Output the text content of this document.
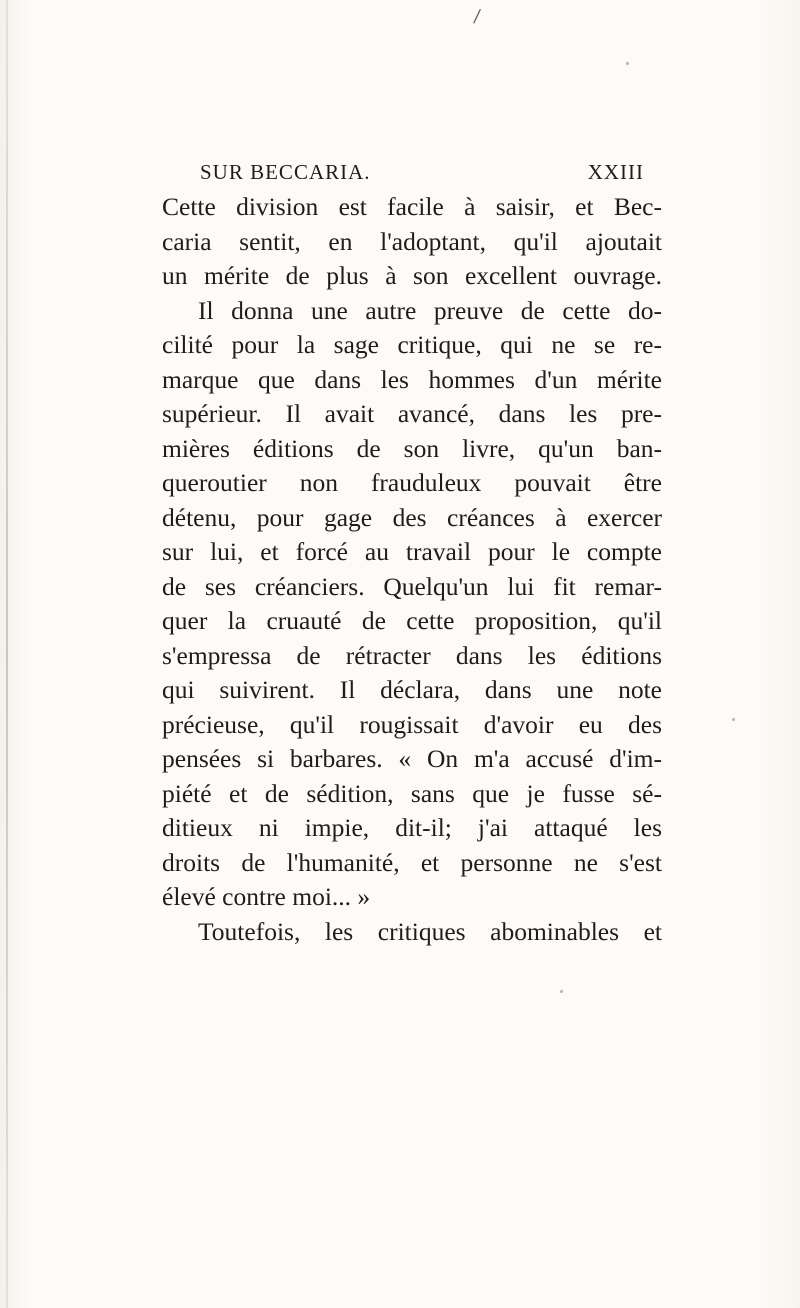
/
SUR BECCARIA.	XXIII
Cette division est facile à saisir, et Bec-
caria sentit, en l'adoptant, qu'il ajoutait
un mérite de plus à son excellent ouvrage.
Il donna une autre preuve de cette do-
cilité pour la sage critique, qui ne se re-
marque que dans les hommes d'un mérite
supérieur. Il avait avancé, dans les pre-
mières éditions de son livre, qu'un ban-
queroutier non frauduleux pouvait être
détenu, pour gage des créances à exercer
sur lui, et forcé au travail pour le compte
de ses créanciers. Quelqu'un lui fit remar-
quer la cruauté de cette proposition, qu'il
s'empressa de rétracter dans les éditions
qui suivirent. Il déclara, dans une note
précieuse, qu'il rougissait d'avoir eu des
pensées si barbares. « On m'a accusé d'im-
piété et de sédition, sans que je fusse sé-
ditieux ni impie, dit-il; j'ai attaqué les
droits de l'humanité, et personne ne s'est
élevé contre moi... »
Toutefois, les critiques abominables et
